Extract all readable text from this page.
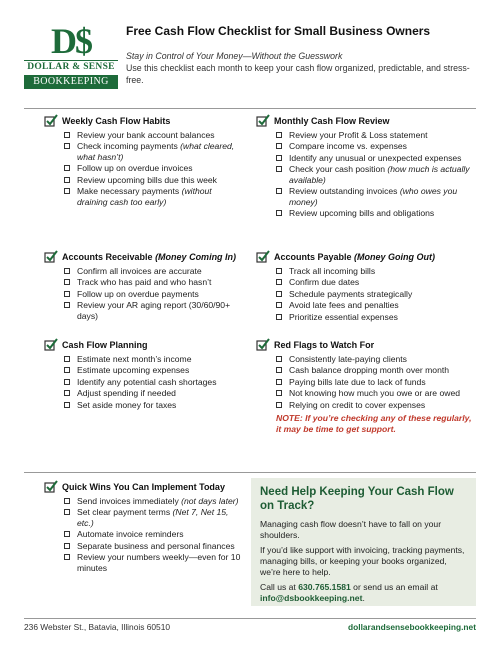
D$
DOLLAR & SENSE
BOOKKEEPING
Free Cash Flow Checklist for Small Business Owners
Stay in Control of Your Money—Without the Guesswork
Use this checklist each month to keep your cash flow organized, predictable, and stress-free.
Weekly Cash Flow Habits
Review your bank account balances
Check incoming payments (what cleared, what hasn’t)
Follow up on overdue invoices
Review upcoming bills due this week
Make necessary payments (without draining cash too early)
Monthly Cash Flow Review
Review your Profit & Loss statement
Compare income vs. expenses
Identify any unusual or unexpected expenses
Check your cash position (how much is actually available)
Review outstanding invoices (who owes you money)
Review upcoming bills and obligations
Accounts Receivable
(Money Coming In)
Confirm all invoices are accurate
Track who has paid and who hasn’t
Follow up on overdue payments
Review your AR aging report (30/60/90+ days)
Accounts Payable
(Money Going Out)
Track all incoming bills
Confirm due dates
Schedule payments strategically
Avoid late fees and penalties
Prioritize essential expenses
Cash Flow Planning
Estimate next month’s income
Estimate upcoming expenses
Identify any potential cash shortages
Adjust spending if needed
Set aside money for taxes
Red Flags to Watch For
Consistently late-paying clients
Cash balance dropping month over month
Paying bills late due to lack of funds
Not knowing how much you owe or are owed
Relying on credit to cover expenses
NOTE: If you’re checking any of these regularly, it may be time to get support.
Quick Wins You Can Implement Today
Send invoices immediately (not days later)
Set clear payment terms (Net 7, Net 15, etc.)
Automate invoice reminders
Separate business and personal finances
Review your numbers weekly—even for 10 minutes
Need Help Keeping Your Cash Flow on Track?

Managing cash flow doesn’t have to fall on your shoulders.

If you’d like support with invoicing, tracking payments, managing bills, or keeping your books organized, we’re here to help.

Call us at 630.765.1581 or send us an email at info@dsbookkeeping.net.

236 Webster St., Batavia, Illinois 60510	dollarandsensebookkeeping.net
